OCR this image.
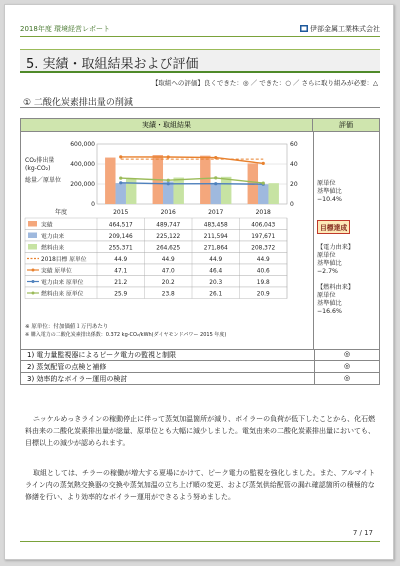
2018年度 環境経営レポート	伊部金属工業株式会社
5. 実績・取組結果および評価
【取組への評価】良くできた：◎ ／ できた：○ ／ さらに取り組みが必要：△
① 二酸化炭素排出量の削減
実績・取組結果	評価
0
200,000
400,000
600,000
0
20
40
60
CO₂排出量
(kg-CO₂)
総量／原単位
年度	2015	2016	2017	2018
実績	464,517	489,747	483,458	406,043
電力由来	209,146	225,122	211,594	197,671
燃料由来	255,371	264,625	271,864	208,372
2018目標 原単位	44.9	44.9	44.9	44.9
実績 原単位	47.1	47.0	46.4	40.6
電力由来 原単位	21.2	20.2	20.3	19.8
燃料由来 原単位	25.9	23.8	26.1	20.9
※ 原単位：付加価値１万円あたり
※ 購入電力の二酸化炭素排出係数：0.372 kg-CO₂/kWh(ダイヤモンドパワー 2015 年度)
原単位
基準値比
−10.4%
目標達成
【電力由来】
原単位
基準値比
−2.7%
【燃料由来】
原単位
基準値比
−16.6%
1) 電力量監視器によるピーク電力の監視と制限	◎
2) 蒸気配管の点検と補修	◎
3) 効率的なボイラー運用の検討	◎
ニッケルめっきラインの稼動停止に伴って蒸気加温箇所が減り、ボイラーの負荷が低下したことから、化石燃料由来の二酸化炭素排出量が総量、原単位とも大幅に減少しました。電気由来の二酸化炭素排出量においても、目標以上の減少が認められます。
取組としては、チラーの稼働が増大する夏場にかけて、ピーク電力の監視を強化しました。また、アルマイトライン内の蒸気熱交換器の交換や蒸気加温の立ち上げ順の変更、および蒸気供給配管の漏れ確認箇所の積極的な修繕を行い、より効率的なボイラー運用ができるよう努めました。
7 / 17
